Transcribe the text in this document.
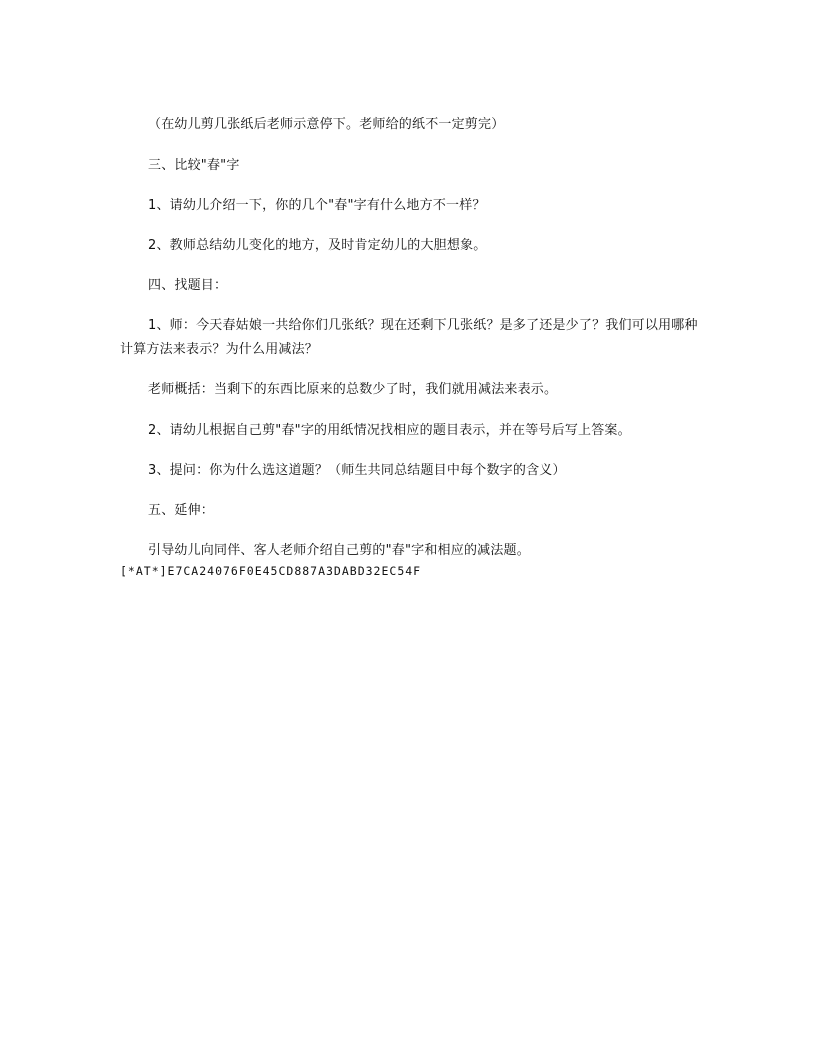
（在幼儿剪几张纸后老师示意停下。老师给的纸不一定剪完）
三、比较"春"字
1、请幼儿介绍一下，你的几个"春"字有什么地方不一样？
2、教师总结幼儿变化的地方，及时肯定幼儿的大胆想象。
四、找题目：
1、师：今天春姑娘一共给你们几张纸？现在还剩下几张纸？是多了还是少了？我们可以用哪种计算方法来表示？为什么用减法？
老师概括：当剩下的东西比原来的总数少了时，我们就用减法来表示。
2、请幼儿根据自己剪"春"字的用纸情况找相应的题目表示，并在等号后写上答案。
3、提问：你为什么选这道题？（师生共同总结题目中每个数字的含义）
五、延伸：
引导幼儿向同伴、客人老师介绍自己剪的"春"字和相应的减法题。
[*AT*]E7CA24076F0E45CD887A3DABD32EC54F
